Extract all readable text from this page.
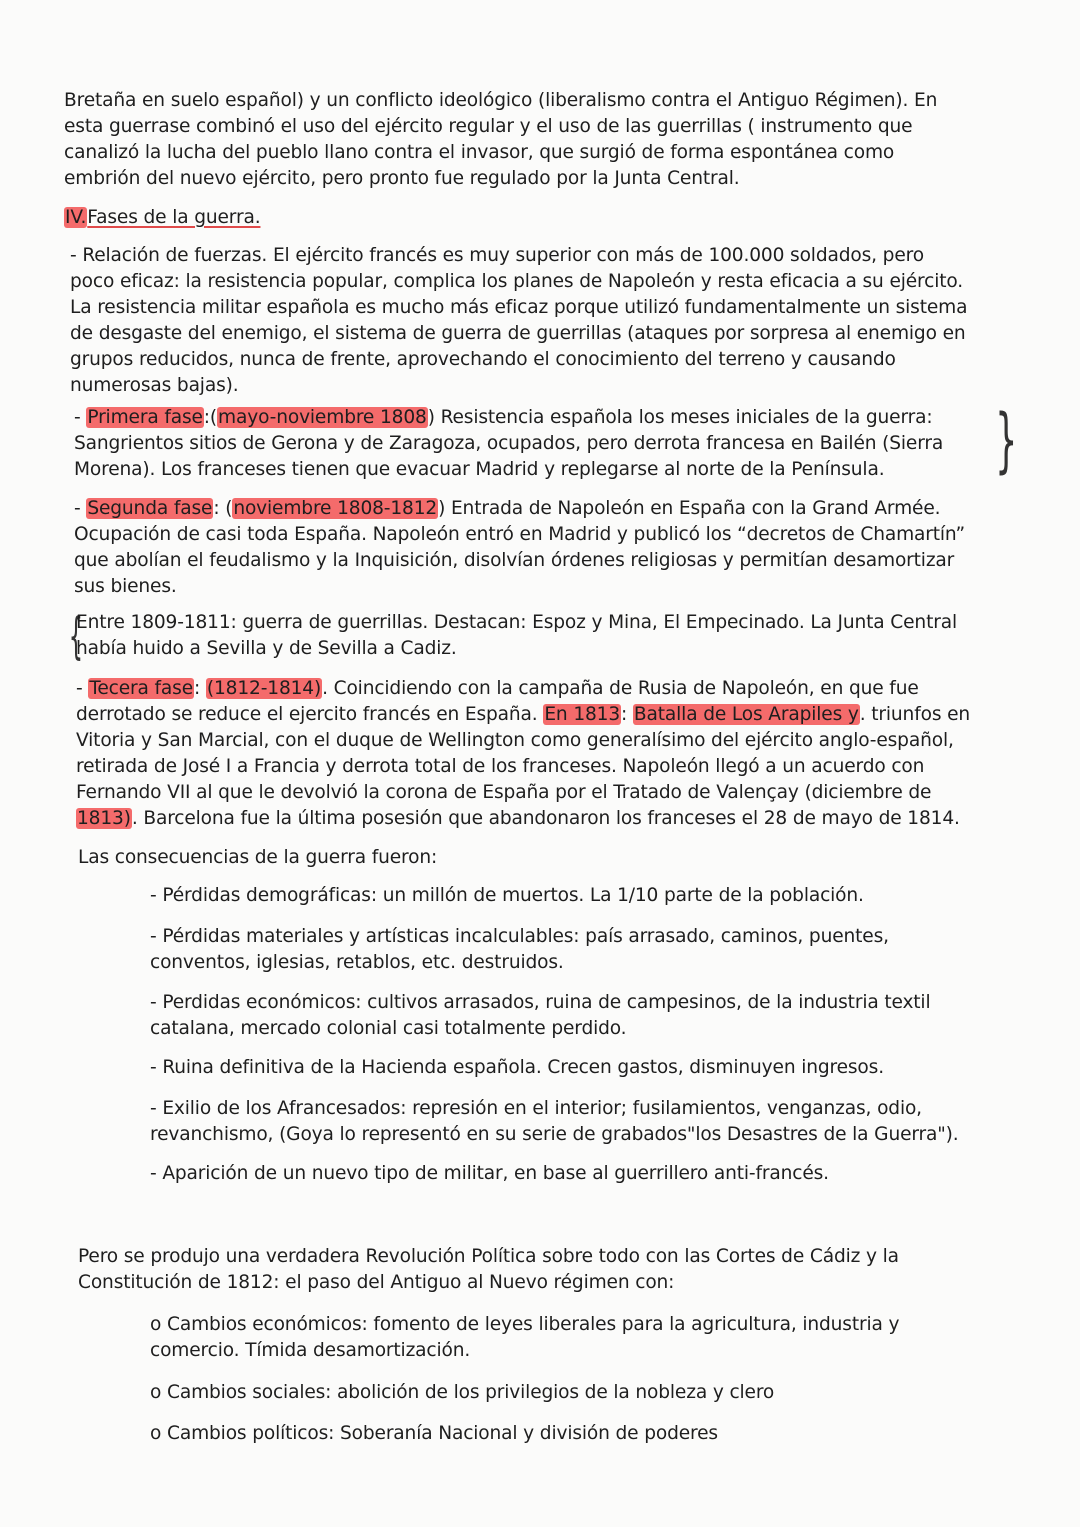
Bretaña en suelo español) y un conflicto ideológico (liberalismo contra el Antiguo Régimen). En
esta guerrase combinó el uso del ejército regular y el uso de las guerrillas ( instrumento que
canalizó la lucha del pueblo llano contra el invasor, que surgió de forma espontánea como
embrión del nuevo ejército, pero pronto fue regulado por la Junta Central.
IV.Fases de la guerra.
- Relación de fuerzas. El ejército francés es muy superior con más de 100.000 soldados, pero
poco eficaz: la resistencia popular, complica los planes de Napoleón y resta eficacia a su ejército.
La resistencia militar española es mucho más eficaz porque utilizó fundamentalmente un sistema
de desgaste del enemigo, el sistema de guerra de guerrillas (ataques por sorpresa al enemigo en
grupos reducidos, nunca de frente, aprovechando el conocimiento del terreno y causando
numerosas bajas).
- Primera fase:(mayo-noviembre 1808) Resistencia española los meses iniciales de la guerra:
Sangrientos sitios de Gerona y de Zaragoza, ocupados, pero derrota francesa en Bailén (Sierra
Morena). Los franceses tienen que evacuar Madrid y replegarse al norte de la Península.	}
- Segunda fase: (noviembre 1808-1812) Entrada de Napoleón en España con la Grand Armée.
Ocupación de casi toda España. Napoleón entró en Madrid y publicó los “decretos de Chamartín”
que abolían el feudalismo y la Inquisición, disolvían órdenes religiosas y permitían desamortizar
sus bienes.
{
Entre 1809-1811: guerra de guerrillas. Destacan: Espoz y Mina, El Empecinado. La Junta Central
había huido a Sevilla y de Sevilla a Cadiz.
- Tecera fase: (1812-1814). Coincidiendo con la campaña de Rusia de Napoleón, en que fue
derrotado se reduce el ejercito francés en España. En 1813: Batalla de Los Arapiles y. triunfos en
Vitoria y San Marcial, con el duque de Wellington como generalísimo del ejército anglo-español,
retirada de José I a Francia y derrota total de los franceses. Napoleón llegó a un acuerdo con
Fernando VII al que le devolvió la corona de España por el Tratado de Valençay (diciembre de
1813). Barcelona fue la última posesión que abandonaron los franceses el 28 de mayo de 1814.
Las consecuencias de la guerra fueron:
- Pérdidas demográficas: un millón de muertos. La 1/10 parte de la población.
- Pérdidas materiales y artísticas incalculables: país arrasado, caminos, puentes,
conventos, iglesias, retablos, etc. destruidos.
- Perdidas económicos: cultivos arrasados, ruina de campesinos, de la industria textil
catalana, mercado colonial casi totalmente perdido.
- Ruina definitiva de la Hacienda española. Crecen gastos, disminuyen ingresos.
- Exilio de los Afrancesados: represión en el interior; fusilamientos, venganzas, odio,
revanchismo, (Goya lo representó en su serie de grabados"los Desastres de la Guerra").
- Aparición de un nuevo tipo de militar, en base al guerrillero anti-francés.
Pero se produjo una verdadera Revolución Política sobre todo con las Cortes de Cádiz y la
Constitución de 1812: el paso del Antiguo al Nuevo régimen con:
o Cambios económicos: fomento de leyes liberales para la agricultura, industria y
comercio. Tímida desamortización.
o Cambios sociales: abolición de los privilegios de la nobleza y clero
o Cambios políticos: Soberanía Nacional y división de poderes
